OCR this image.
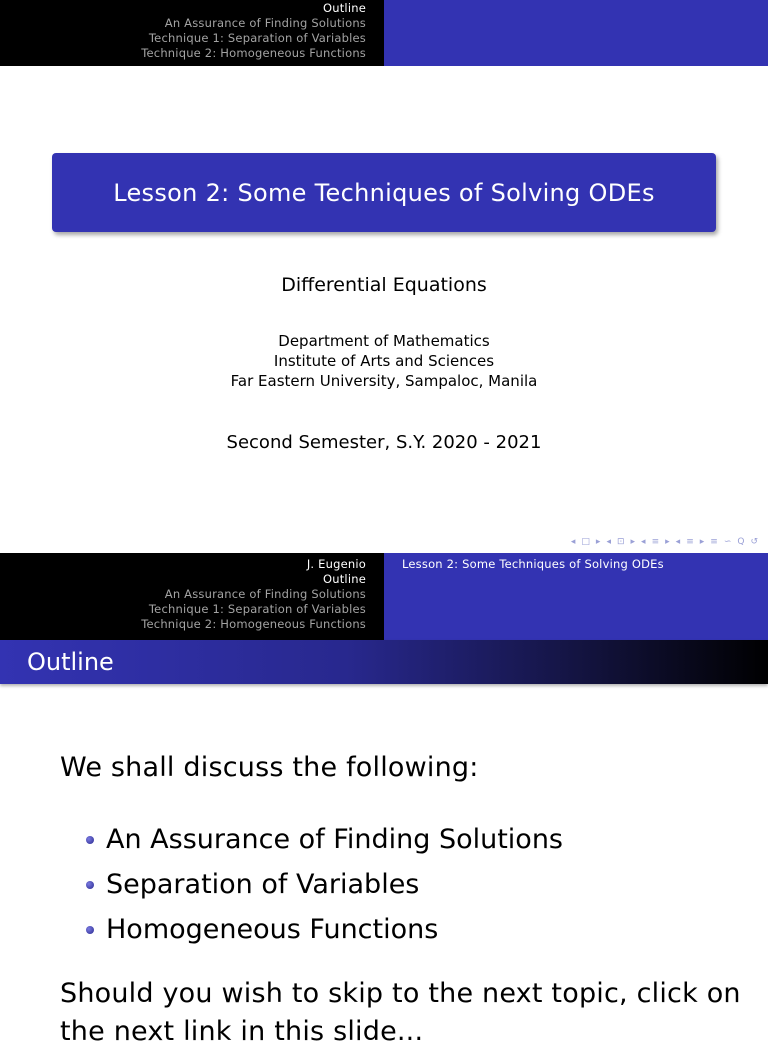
Outline
An Assurance of Finding Solutions
Technique 1: Separation of Variables
Technique 2: Homogeneous Functions
Lesson 2: Some Techniques of Solving ODEs
Differential Equations
Department of Mathematics
Institute of Arts and Sciences
Far Eastern University, Sampaloc, Manila
Second Semester, S.Y. 2020 - 2021
◂ □ ▸ ◂ ⊡ ▸ ◂ ≡ ▸ ◂ ≡ ▸ ≡ ∽ Q ↺
J. Eugenio
Outline
An Assurance of Finding Solutions
Technique 1: Separation of Variables
Technique 2: Homogeneous Functions
Lesson 2: Some Techniques of Solving ODEs
Outline
We shall discuss the following:
An Assurance of Finding Solutions
Separation of Variables
Homogeneous Functions
Should you wish to skip to the next topic, click on
the next link in this slide...
